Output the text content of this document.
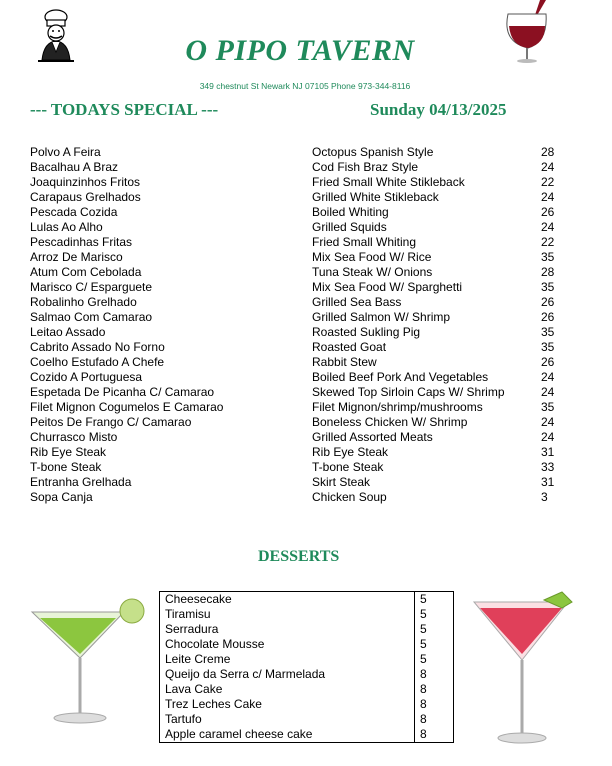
O PIPO TAVERN
349 chestnut St Newark NJ 07105 Phone 973-344-8116
--- TODAYS SPECIAL ---	Sunday 04/13/2025
Polvo A Feira	Octopus Spanish Style	28
Bacalhau A Braz	Cod Fish Braz Style	24
Joaquinzinhos Fritos	Fried Small White Stikleback	22
Carapaus Grelhados	Grilled White Stikleback	24
Pescada Cozida	Boiled Whiting	26
Lulas Ao Alho	Grilled Squids	24
Pescadinhas Fritas	Fried Small Whiting	22
Arroz De Marisco	Mix Sea Food W/ Rice	35
Atum Com Cebolada	Tuna Steak W/ Onions	28
Marisco C/ Esparguete	Mix Sea Food W/ Sparghetti	35
Robalinho Grelhado	Grilled Sea Bass	26
Salmao Com Camarao	Grilled Salmon W/ Shrimp	26
Leitao Assado	Roasted Sukling Pig	35
Cabrito Assado No Forno	Roasted Goat	35
Coelho Estufado A Chefe	Rabbit Stew	26
Cozido A Portuguesa	Boiled Beef Pork And Vegetables	24
Espetada De Picanha C/ Camarao	Skewed Top Sirloin Caps W/ Shrimp	24
Filet Mignon Cogumelos E Camarao	Filet Mignon/shrimp/mushrooms	35
Peitos De Frango C/ Camarao	Boneless Chicken W/ Shrimp	24
Churrasco Misto	Grilled Assorted Meats	24
Rib Eye Steak	Rib Eye Steak	31
T-bone Steak	T-bone Steak	33
Entranha Grelhada	Skirt Steak	31
Sopa Canja	Chicken Soup	3
DESSERTS
Cheesecake	5
Tiramisu	5
Serradura	5
Chocolate Mousse	5
Leite Creme	5
Queijo da Serra c/ Marmelada	8
Lava Cake	8
Trez Leches Cake	8
Tartufo	8
Apple caramel cheese cake	8
